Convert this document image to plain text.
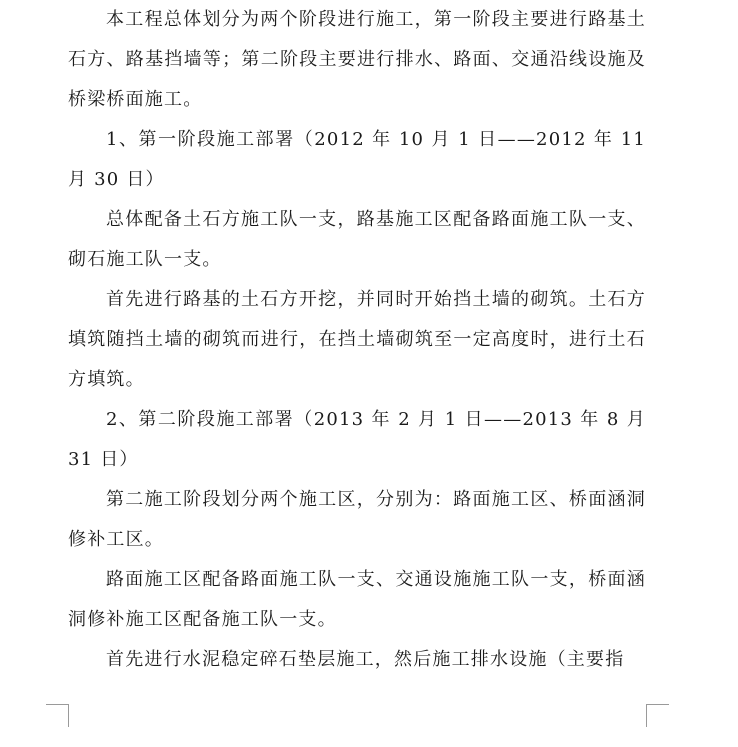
本工程总体划分为两个阶段进行施工，第一阶段主要进行路基土石方、路基挡墙等；第二阶段主要进行排水、路面、交通沿线设施及桥梁桥面施工。

1、第一阶段施工部署（2012 年 10 月 1 日——2012 年 11 月 30 日）

总体配备土石方施工队一支，路基施工区配备路面施工队一支、砌石施工队一支。

首先进行路基的土石方开挖，并同时开始挡土墙的砌筑。土石方填筑随挡土墙的砌筑而进行，在挡土墙砌筑至一定高度时，进行土石方填筑。

2、第二阶段施工部署（2013 年 2 月 1 日——2013 年 8 月 31 日）

第二施工阶段划分两个施工区，分别为：路面施工区、桥面涵洞修补工区。

路面施工区配备路面施工队一支、交通设施施工队一支，桥面涵洞修补施工区配备施工队一支。

首先进行水泥稳定碎石垫层施工，然后施工排水设施（主要指
